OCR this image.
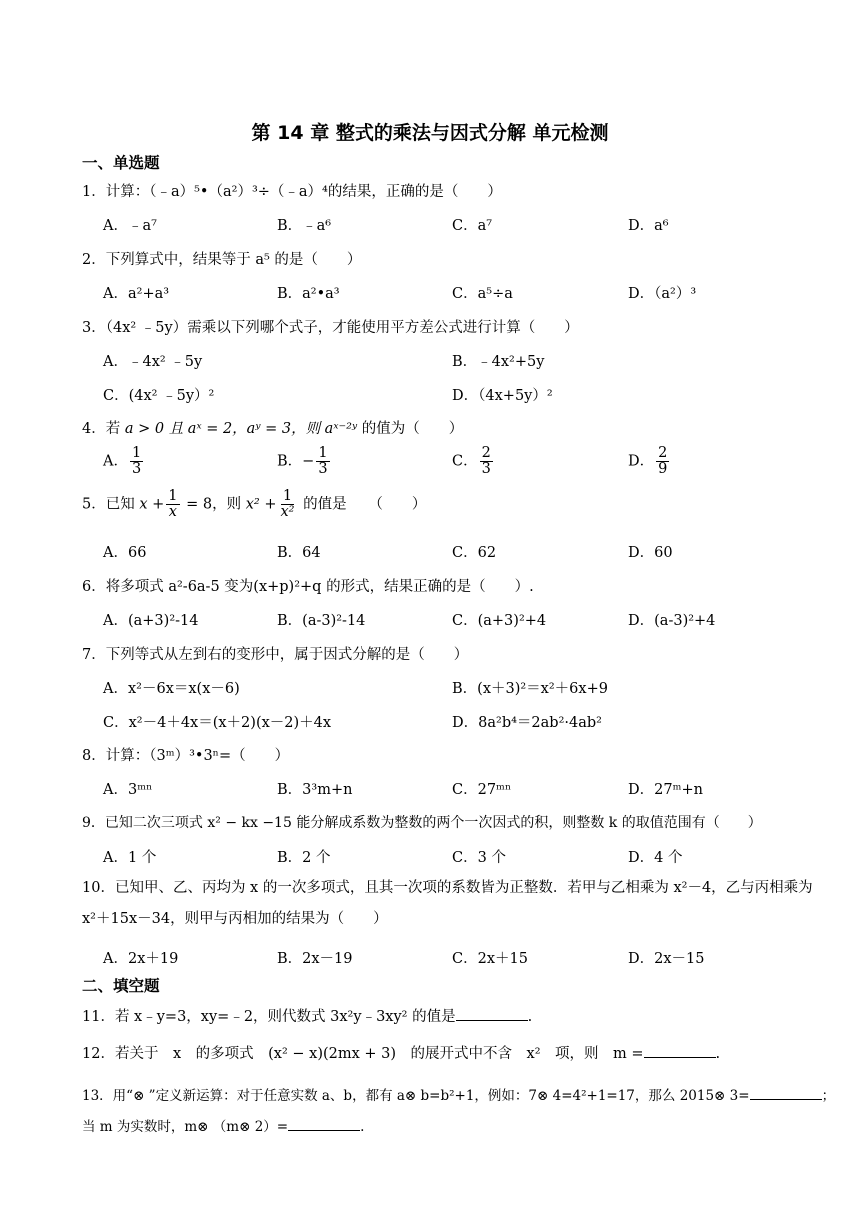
第 14 章 整式的乘法与因式分解 单元检测
一、单选题
1．计算：（﹣a）⁵•（a²）³÷（﹣a）⁴的结果，正确的是（　　）
A．﹣a⁷	B．﹣a⁶	C．a⁷	D．a⁶
2．下列算式中，结果等于 a⁵ 的是（　　）
A．a²+a³	B．a²•a³	C．a⁵÷a	D．（a²）³
3．（4x² ﹣5y）需乘以下列哪个式子，才能使用平方差公式进行计算（　　）
A．﹣4x² ﹣5y	B．﹣4x²+5y
C．(4x² ﹣5y）²	D．（4x+5y）²
4．若 a > 0 且 aˣ = 2，aʸ = 3，则 aˣ⁻²ʸ 的值为（　　）
A． $\frac{1}{3}$	B．− $\frac{1}{3}$	C． $\frac{2}{3}$	D． $\frac{2}{9}$
5．已知 $x + \frac{1}{x} = 8$，则 $x^2 + \frac{1}{\text{x²}}$ 的值是　　（　　）
A．66	B．64	C．62	D．60
6．将多项式 a²-6a-5 变为(x+p)²+q 的形式，结果正确的是（　　）.
A．(a+3)²-14	B．(a-3)²-14	C．(a+3)²+4	D．(a-3)²+4
7．下列等式从左到右的变形中，属于因式分解的是（　　）
A．x²－6x＝x(x－6)	B．(x＋3)²＝x²＋6x+9
C．x²－4＋4x＝(x＋2)(x－2)＋4x	D．8a²b⁴＝2ab²·4ab²
8．计算：（3ᵐ）³•3ⁿ=（　　）
A．3ᵐⁿ	B．3³m+n	C．27ᵐⁿ	D．27ᵐ+n
9．已知二次三项式 x² − kx −15 能分解成系数为整数的两个一次因式的积，则整数 k 的取值范围有（　　）
A．1 个	B．2 个	C．3 个	D．4 个
10．已知甲、乙、丙均为 x 的一次多项式，且其一次项的系数皆为正整数．若甲与乙相乘为 x²－4，乙与丙相乘为 x²＋15x－34，则甲与丙相加的结果为（　　）
A．2x＋19	B．2x－19	C．2x＋15	D．2x－15
二、填空题
11．若 x﹣y=3，xy=﹣2，则代数式 3x²y﹣3xy² 的值是	.
12．若关于　x　的多项式　(x² − x)(2mx + 3)　的展开式中不含　x²　项，则　m =	.
13．用“⊗ ”定义新运算：对于任意实数 a、b，都有 a⊗ b=b²+1，例如：7⊗ 4=4²+1=17，那么 2015⊗ 3=	；
当 m 为实数时，m⊗ （m⊗ 2）=	.
